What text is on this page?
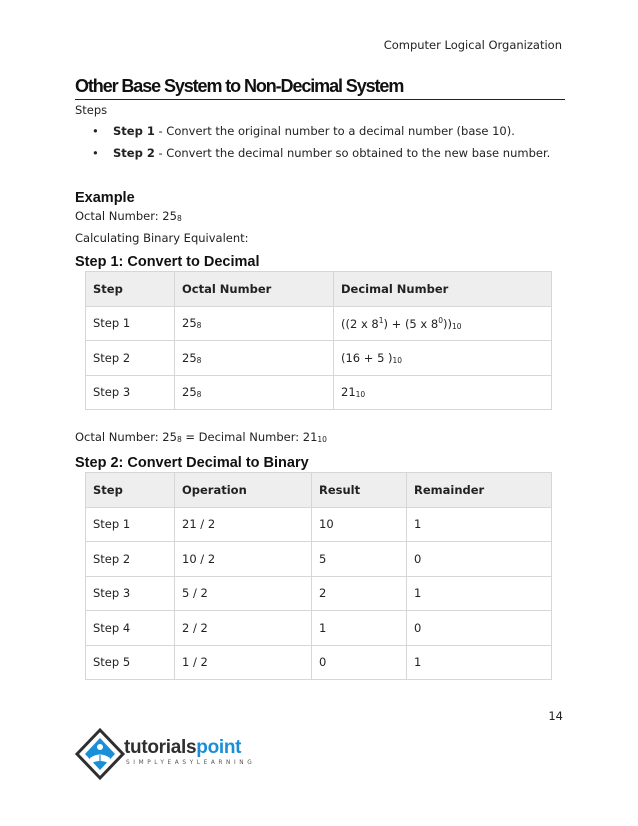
Computer Logical Organization
Other Base System to Non-Decimal System
Steps
• Step 1 - Convert the original number to a decimal number (base 10).
• Step 2 - Convert the decimal number so obtained to the new base number.
Example
Octal Number: $25_8$
Calculating Binary Equivalent:
Step 1: Convert to Decimal
Step	Octal Number	Decimal Number
Step 1	$25_8$	((2 x $8^1) + (5$ x $8^0))_{10}$
Step 2	$25_8$	(16 + 5 )$_{10}$
Step 3	$25_8$	$21_{10}$
Octal Number: $25_8$ = Decimal Number: $21_{10}$
Step 2: Convert Decimal to Binary
Step	Operation	Result	Remainder
Step 1	21 / 2	10	1
Step 2	10 / 2	5	0
Step 3	5 / 2	2	1
Step 4	2 / 2	1	0
Step 5	1 / 2	0	1
14
tutorialspoint
SIMPLYEASYLEARNING
